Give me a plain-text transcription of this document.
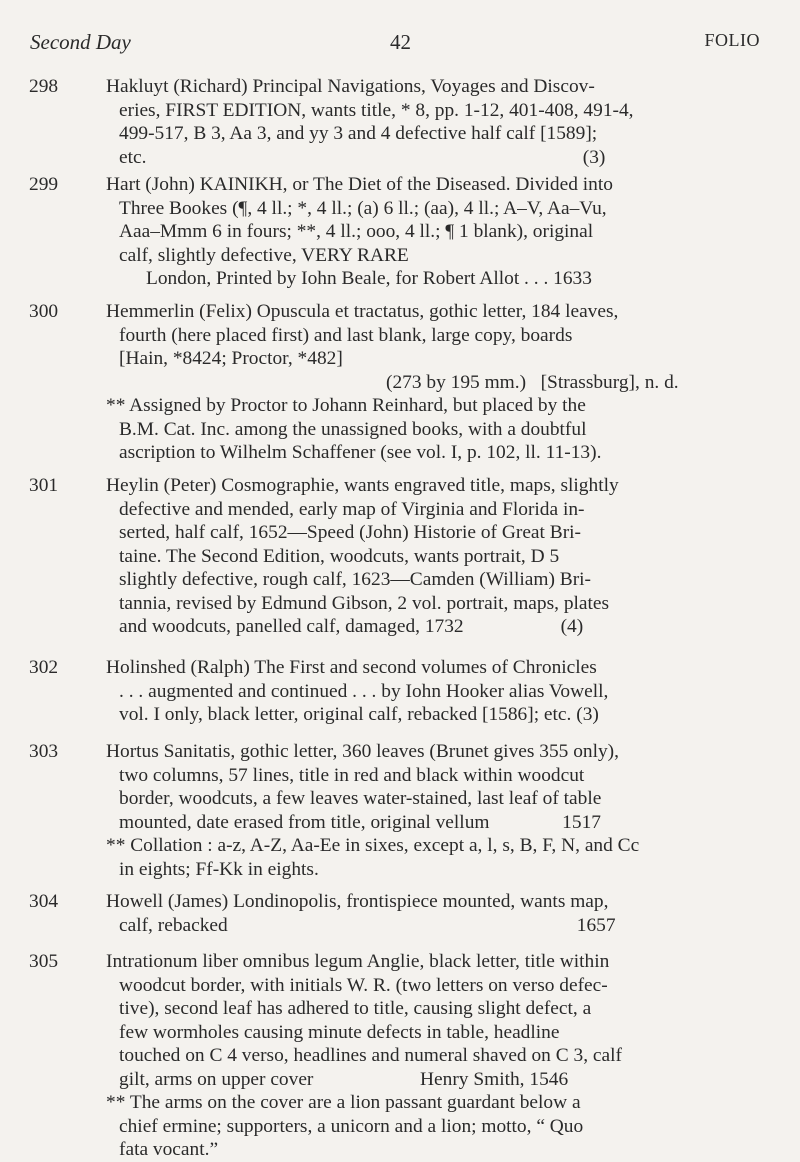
Second Day	42	FOLIO
298	Hakluyt (Richard) Principal Navigations, Voyages and Discov-
eries, FIRST EDITION, wants title, * 8, pp. 1-12, 401-408, 491-4,
499-517, B 3, Aa 3, and yy 3 and 4 defective half calf [1589];
etc.                                                                                          (3)
299	Hart (John) KAINIKH, or The Diet of the Diseased. Divided into
Three Bookes (¶, 4 ll.; *, 4 ll.; (a) 6 ll.; (aa), 4 ll.; A–V, Aa–Vu,
Aaa–Mmm 6 in fours; **, 4 ll.; ooo, 4 ll.; ¶ 1 blank), original
calf, slightly defective, VERY RARE
London, Printed by Iohn Beale, for Robert Allot . . . 1633
300	Hemmerlin (Felix) Opuscula et tractatus, gothic letter, 184 leaves,
fourth (here placed first) and last blank, large copy, boards
[Hain, *8424; Proctor, *482]
(273 by 195 mm.)   [Strassburg], n. d.
** Assigned by Proctor to Johann Reinhard, but placed by the
B.M. Cat. Inc. among the unassigned books, with a doubtful
ascription to Wilhelm Schaffener (see vol. I, p. 102, ll. 11-13).
301	Heylin (Peter) Cosmographie, wants engraved title, maps, slightly
defective and mended, early map of Virginia and Florida in-
serted, half calf, 1652—Speed (John) Historie of Great Bri-
taine. The Second Edition, woodcuts, wants portrait, D 5
slightly defective, rough calf, 1623—Camden (William) Bri-
tannia, revised by Edmund Gibson, 2 vol. portrait, maps, plates
and woodcuts, panelled calf, damaged, 1732                    (4)
302	Holinshed (Ralph) The First and second volumes of Chronicles
. . . augmented and continued . . . by Iohn Hooker alias Vowell,
vol. I only, black letter, original calf, rebacked [1586]; etc. (3)
303	Hortus Sanitatis, gothic letter, 360 leaves (Brunet gives 355 only),
two columns, 57 lines, title in red and black within woodcut
border, woodcuts, a few leaves water-stained, last leaf of table
mounted, date erased from title, original vellum               1517
** Collation : a-z, A-Z, Aa-Ee in sixes, except a, l, s, B, F, N, and Cc
in eights; Ff-Kk in eights.
304	Howell (James) Londinopolis, frontispiece mounted, wants map,
calf, rebacked                                                                        1657
305	Intrationum liber omnibus legum Anglie, black letter, title within
woodcut border, with initials W. R. (two letters on verso defec-
tive), second leaf has adhered to title, causing slight defect, a
few wormholes causing minute defects in table, headline
touched on C 4 verso, headlines and numeral shaved on C 3, calf
gilt, arms on upper cover                      Henry Smith, 1546
** The arms on the cover are a lion passant guardant below a
chief ermine; supporters, a unicorn and a lion; motto, “ Quo
fata vocant.”
